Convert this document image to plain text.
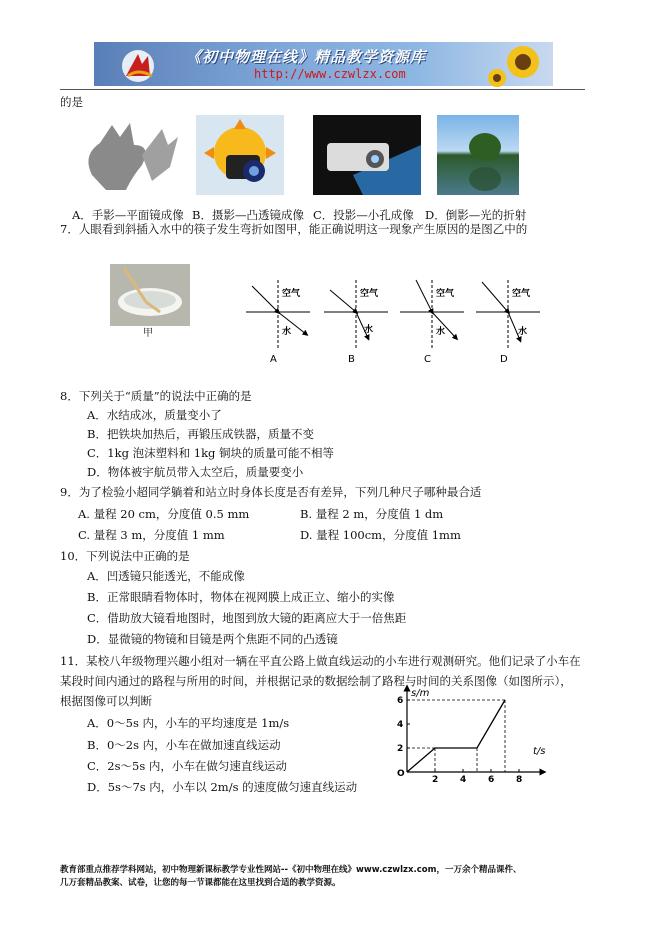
《初中物理在线》精品教学资源库
http://www.czwlzx.com
的是
A．手影—平面镜成像 B．摄影—凸透镜成像 C．投影—小孔成像 D．倒影—光的折射
7．人眼看到斜插入水中的筷子发生弯折如图甲，能正确说明这一现象产生原因的是图乙中的
甲
空气
水
A
空气
水
B
空气
水
C
空气
水
D
8．下列关于“质量”的说法中正确的是
A．水结成冰，质量变小了
B．把铁块加热后，再锻压成铁器，质量不变
C．1kg 泡沫塑料和 1kg 铜块的质量可能不相等
D．物体被宇航员带入太空后，质量要变小
9．为了检验小超同学躺着和站立时身体长度是否有差异，下列几种尺子哪种最合适
A. 量程 20 cm，分度值 0.5 mm	B. 量程 2 m，分度值 1 dm
C. 量程 3 m，分度值 1 mm	D. 量程 100cm，分度值 1mm
10．下列说法中正确的是
A．凹透镜只能透光，不能成像
B．正常眼睛看物体时，物体在视网膜上成正立、缩小的实像
C．借助放大镜看地图时，地图到放大镜的距离应大于一倍焦距
D．显微镜的物镜和目镜是两个焦距不同的凸透镜
11．某校八年级物理兴趣小组对一辆在平直公路上做直线运动的小车进行观测研究。他们记录了小车在
某段时间内通过的路程与所用的时间，并根据记录的数据绘制了路程与时间的关系图像（如图所示），
根据图像可以判断
A．0～5s 内，小车的平均速度是 1m/s
B．0～2s 内，小车在做加速直线运动
C．2s～5s 内，小车在做匀速直线运动
D．5s～7s 内，小车以 2m/s 的速度做匀速直线运动	2 4 6 8
2
4
6
s/m
t/s
O
教育部重点推荐学科网站，初中物理新课标教学专业性网站--《初中物理在线》www.czwlzx.com，一万余个精品课件、
几万套精品教案、试卷，让您的每一节课都能在这里找到合适的教学资源。
